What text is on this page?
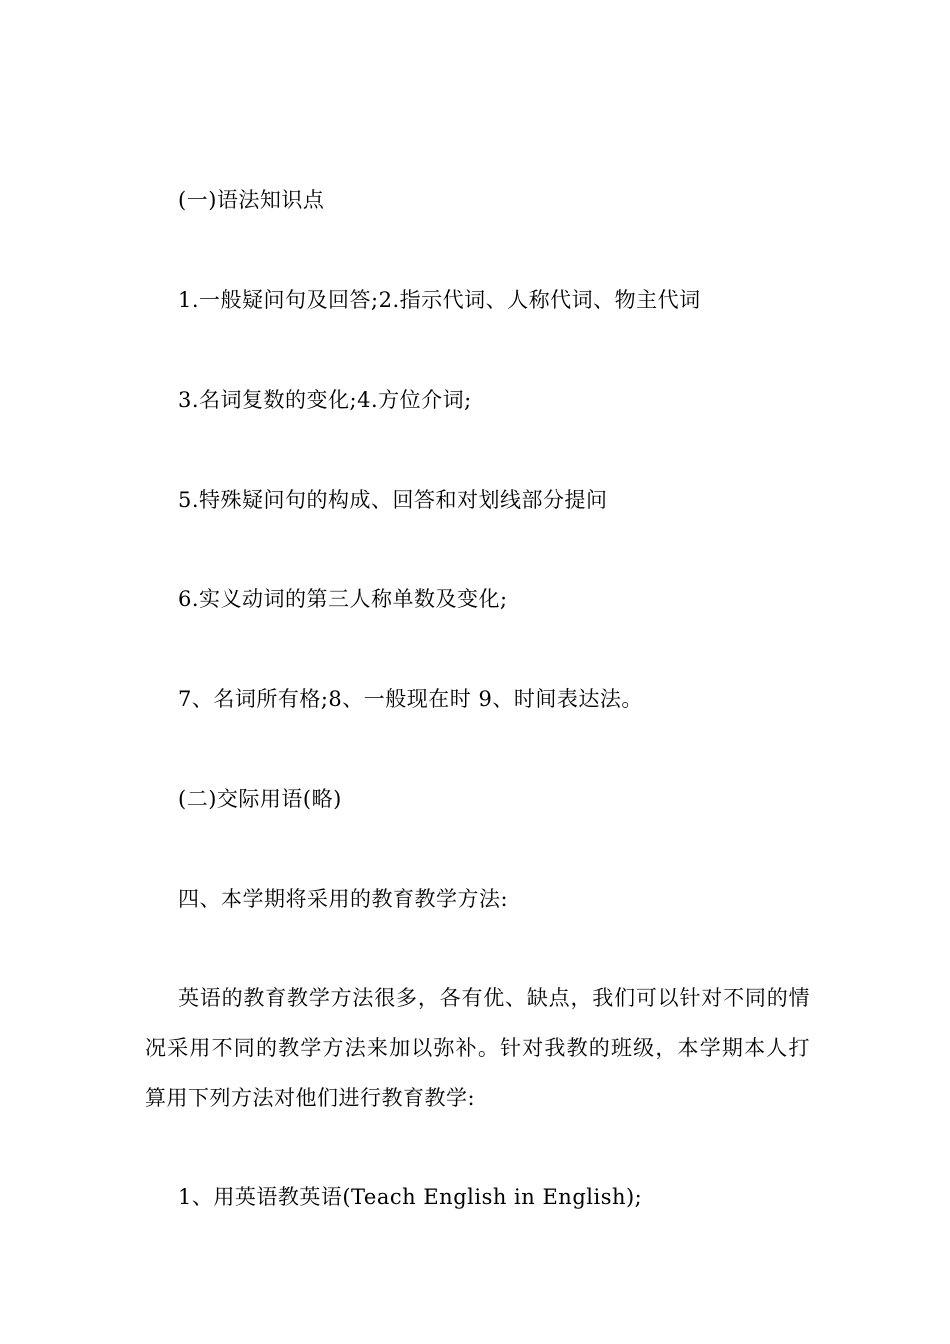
(一)语法知识点
1.一般疑问句及回答;2.指示代词、人称代词、物主代词
3.名词复数的变化;4.方位介词;
5.特殊疑问句的构成、回答和对划线部分提问
6.实义动词的第三人称单数及变化;
7、名词所有格;8、一般现在时 9、时间表达法。
(二)交际用语(略)
四、本学期将采用的教育教学方法:
英语的教育教学方法很多，各有优、缺点，我们可以针对不同的情况采用不同的教学方法来加以弥补。针对我教的班级，本学期本人打算用下列方法对他们进行教育教学:
1、用英语教英语(Teach English in English);
